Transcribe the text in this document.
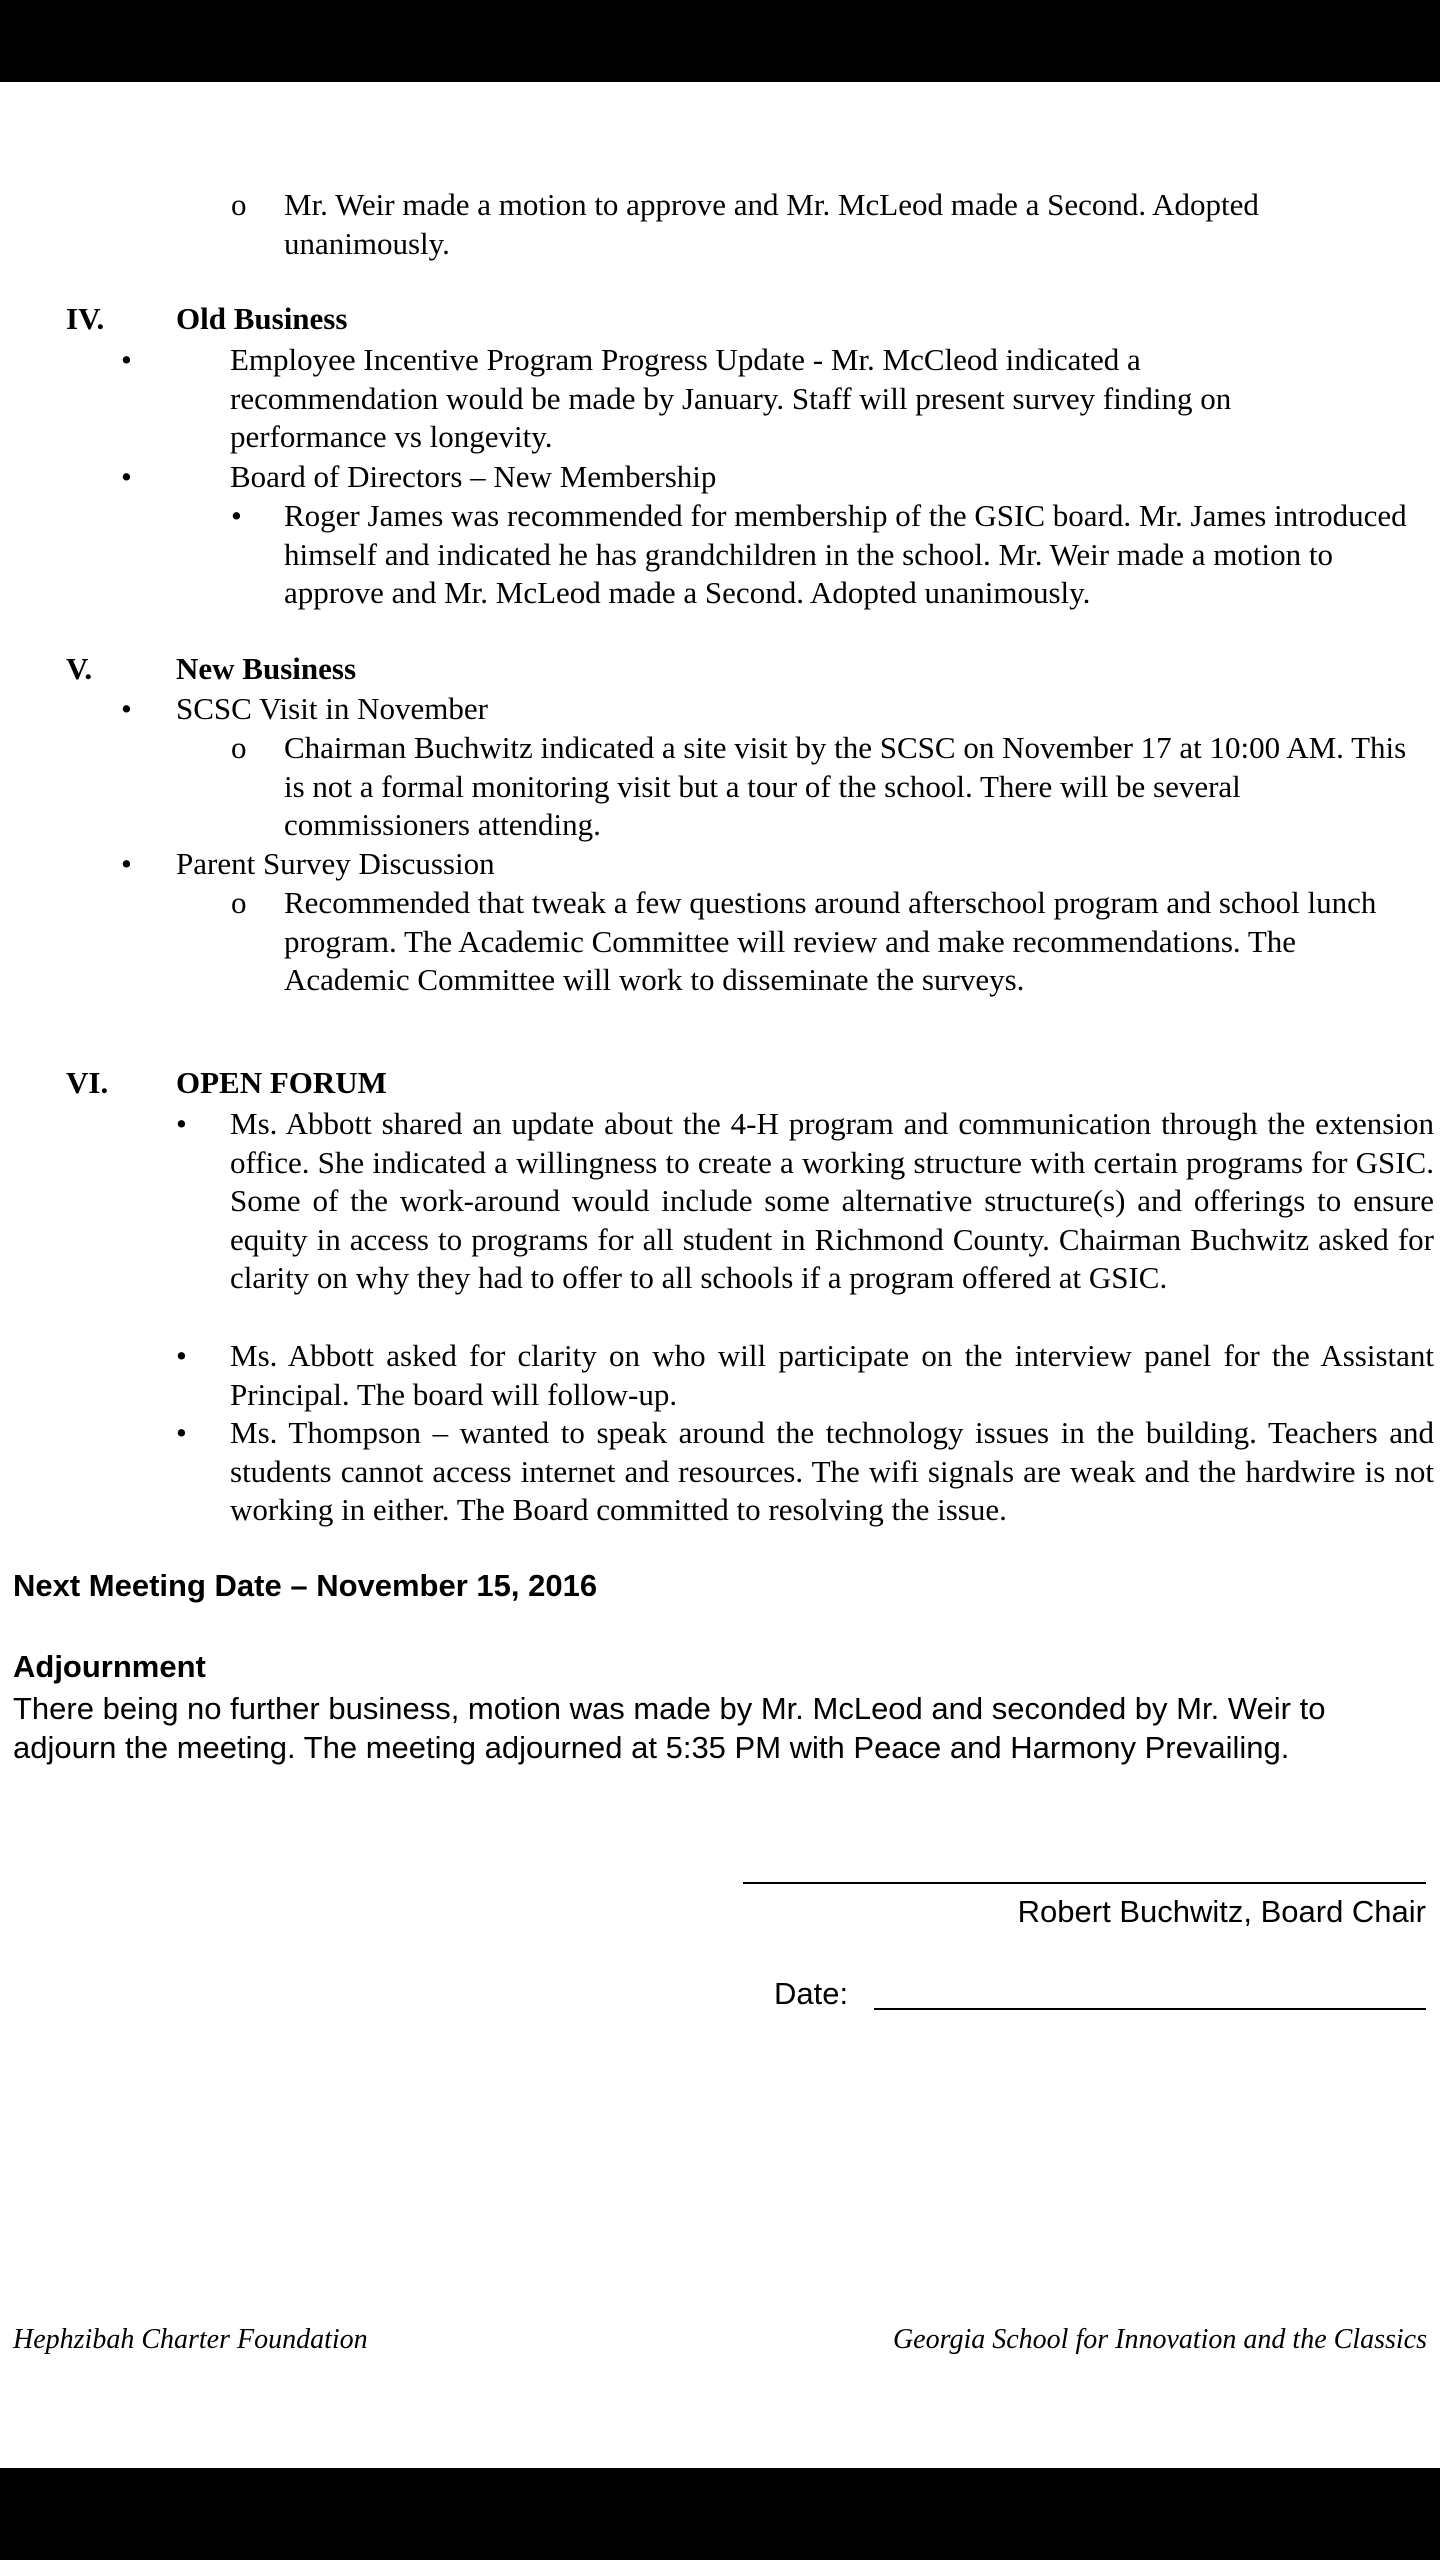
o Mr. Weir made a motion to approve and Mr. McLeod made a Second. Adopted unanimously.

IV. Old Business
•	Employee Incentive Program Progress Update - Mr. McCleod indicated a recommendation would be made by January. Staff will present survey finding on performance vs longevity.

•	Board of Directors – New Membership

• Roger James was recommended for membership of the GSIC board. Mr. James introduced himself and indicated he has grandchildren in the school. Mr. Weir made a motion to approve and Mr. McLeod made a Second. Adopted unanimously.

V.	New Business
• SCSC Visit in November

o Chairman Buchwitz indicated a site visit by the SCSC on November 17 at 10:00 AM. This is not a formal monitoring visit but a tour of the school. There will be several commissioners attending.

• Parent Survey Discussion

o Recommended that tweak a few questions around afterschool program and school lunch program. The Academic Committee will review and make recommendations. The Academic Committee will work to disseminate the surveys.

VI. OPEN FORUM
• Ms. Abbott shared an update about the 4-H program and communication through the extension office. She indicated a willingness to create a working structure with certain programs for GSIC. Some of the work-around would include some alternative structure(s) and offerings to ensure equity in access to programs for all student in Richmond County. Chairman Buchwitz asked for clarity on why they had to offer to all schools if a program offered at GSIC.

• Ms. Abbott asked for clarity on who will participate on the interview panel for the Assistant Principal. The board will follow-up.

• Ms. Thompson – wanted to speak around the technology issues in the building. Teachers and students cannot access internet and resources. The wifi signals are weak and the hardwire is not working in either. The Board committed to resolving the issue.

Next Meeting Date – November 15, 2016
Adjournment

There being no further business, motion was made by Mr. McLeod and seconded by Mr. Weir to adjourn the meeting. The meeting adjourned at 5:35 PM with Peace and Harmony Prevailing.

Robert Buchwitz, Board Chair
Date:
Hephzibah Charter Foundation	Georgia School for Innovation and the Classics
